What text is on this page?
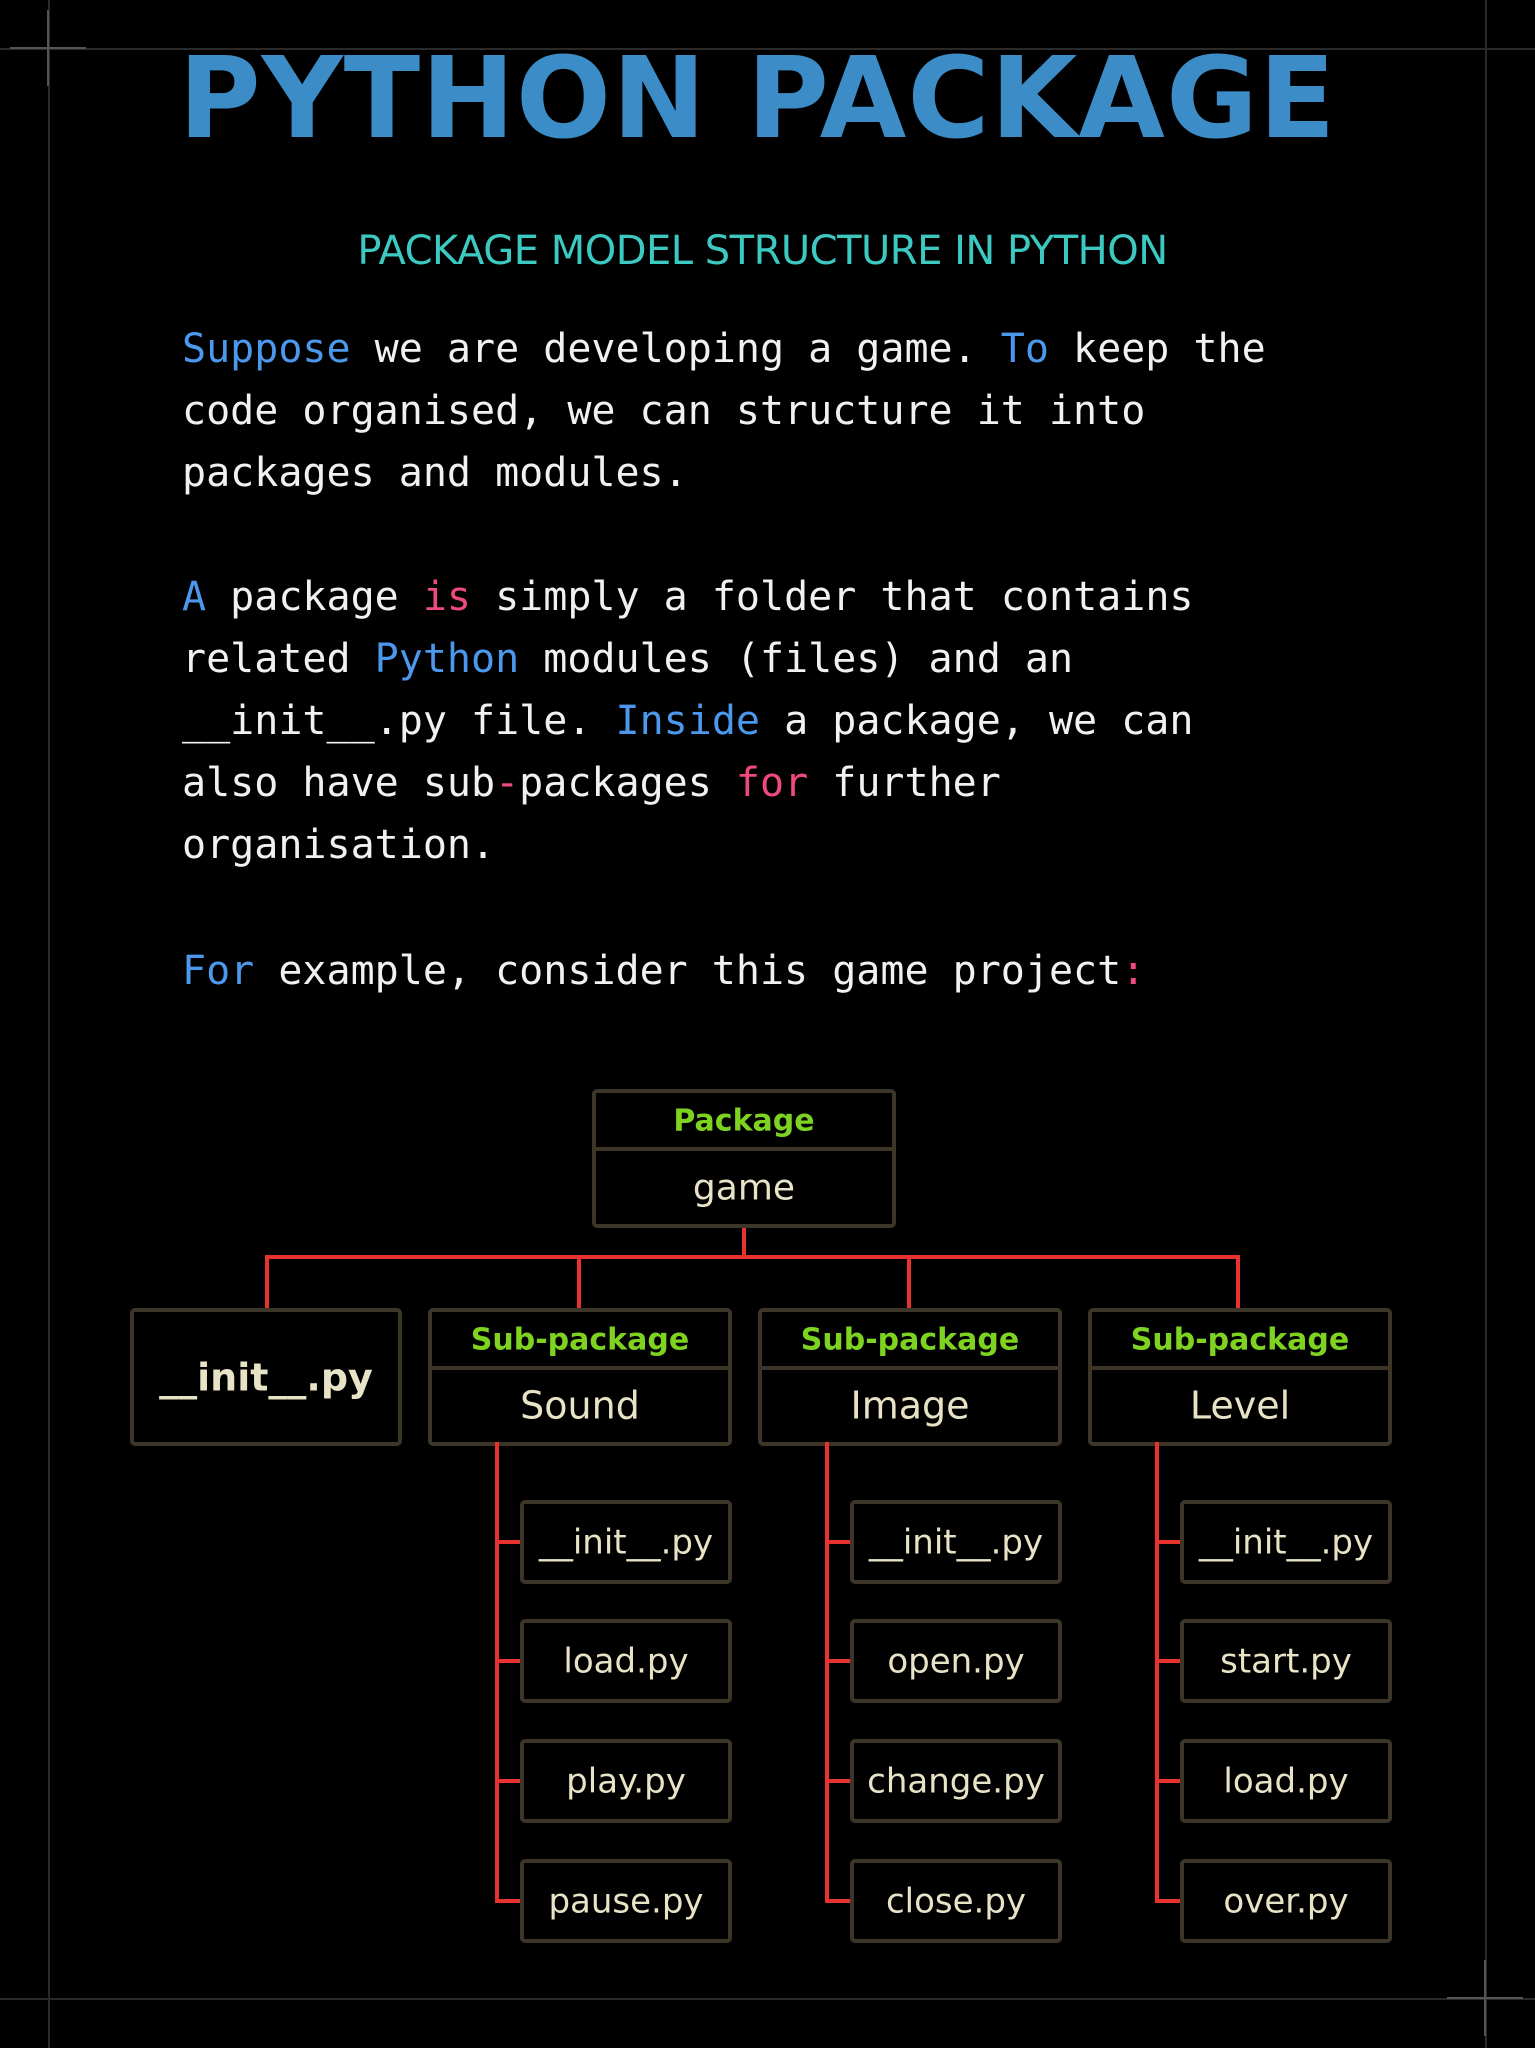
PYTHON PACKAGE
PACKAGE MODEL STRUCTURE IN PYTHON
Suppose we are developing a game. To keep the
code organised, we can structure it into
packages and modules.
A package is simply a folder that contains
related Python modules (files) and an
__init__.py file. Inside a package, we can
also have sub-packages for further
organisation.
For example, consider this game project:
Package
game
__init__.py
Sub-package
Sound
__init__.py
load.py
play.py
pause.py
Sub-package
Image
__init__.py
open.py
change.py
close.py
Sub-package
Level
__init__.py
start.py
load.py
over.py
